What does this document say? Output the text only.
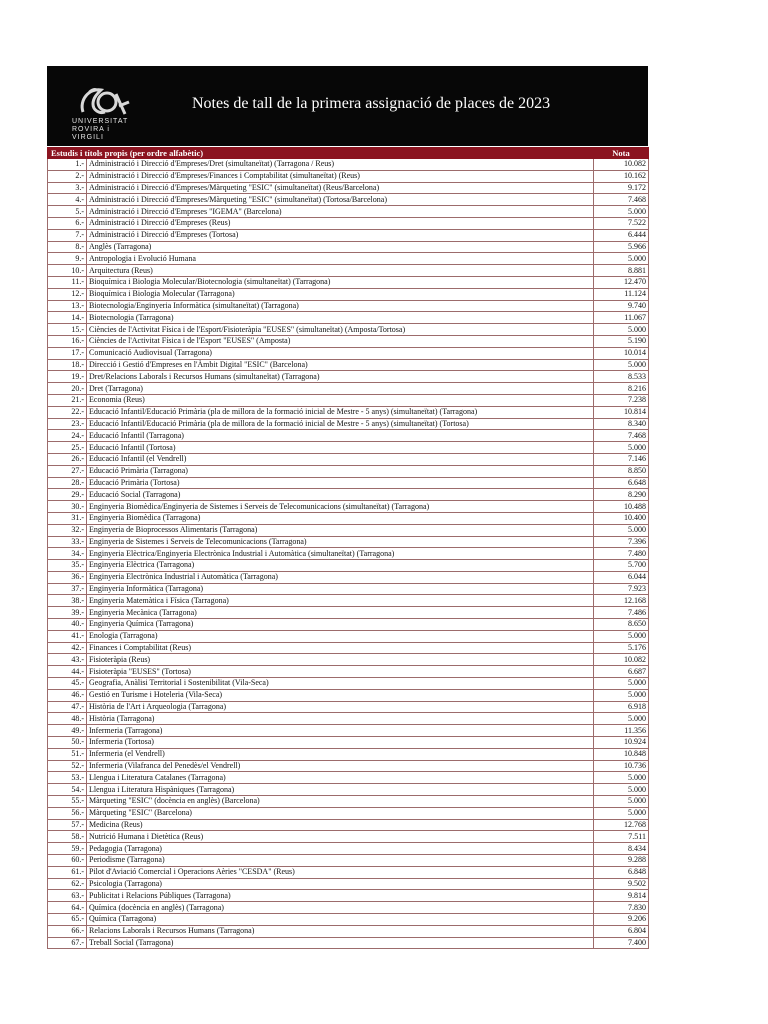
UNIVERSITAT ROVIRA i VIRGILI
Notes de tall de la primera assignació de places de 2023
Estudis i títols propis (per ordre alfabètic)		Nota
1.-	Administració i Direcció d'Empreses/Dret (simultaneïtat) (Tarragona / Reus)	10.082
2.-	Administració i Direcció d'Empreses/Finances i Comptabilitat (simultaneïtat) (Reus)	10.162
3.-	Administració i Direcció d'Empreses/Màrqueting "ESIC" (simultaneïtat) (Reus/Barcelona)	9.172
4.-	Administració i Direcció d'Empreses/Màrqueting "ESIC" (simultaneïtat) (Tortosa/Barcelona)	7.468
5.-	Administració i Direcció d'Empreses "IGEMA" (Barcelona)	5.000
6.-	Administració i Direcció d'Empreses (Reus)	7.522
7.-	Administració i Direcció d'Empreses (Tortosa)	6.444
8.-	Anglès (Tarragona)	5.966
9.-	Antropologia i Evolució Humana	5.000
10.-	Arquitectura (Reus)	8.881
11.-	Bioquímica i Biologia Molecular/Biotecnologia (simultaneïtat) (Tarragona)	12.470
12.-	Bioquímica i Biologia Molecular (Tarragona)	11.124
13.-	Biotecnologia/Enginyeria Informàtica (simultaneïtat) (Tarragona)	9.740
14.-	Biotecnologia (Tarragona)	11.067
15.-	Ciències de l'Activitat Física i de l'Esport/Fisioteràpia "EUSES" (simultaneïtat) (Amposta/Tortosa)	5.000
16.-	Ciències de l'Activitat Física i de l'Esport "EUSES" (Amposta)	5.190
17.-	Comunicació Audiovisual (Tarragona)	10.014
18.-	Direcció i Gestió d'Empreses en l'Àmbit Digital "ESIC" (Barcelona)	5.000
19.-	Dret/Relacions Laborals i Recursos Humans (simultaneïtat) (Tarragona)	8.533
20.-	Dret (Tarragona)	8.216
21.-	Economia (Reus)	7.238
22.-	Educació Infantil/Educació Primària (pla de millora de la formació inicial de Mestre - 5 anys) (simultaneïtat) (Tarragona)	10.814
23.-	Educació Infantil/Educació Primària (pla de millora de la formació inicial de Mestre - 5 anys) (simultaneïtat) (Tortosa)	8.340
24.-	Educació Infantil (Tarragona)	7.468
25.-	Educació Infantil (Tortosa)	5.000
26.-	Educació Infantil (el Vendrell)	7.146
27.-	Educació Primària (Tarragona)	8.850
28.-	Educació Primària (Tortosa)	6.648
29.-	Educació Social (Tarragona)	8.290
30.-	Enginyeria Biomèdica/Enginyeria de Sistemes i Serveis de Telecomunicacions (simultaneïtat) (Tarragona)	10.488
31.-	Enginyeria Biomèdica (Tarragona)	10.400
32.-	Enginyeria de Bioprocessos Alimentaris (Tarragona)	5.000
33.-	Enginyeria de Sistemes i Serveis de Telecomunicacions (Tarragona)	7.396
34.-	Enginyeria Elèctrica/Enginyeria Electrònica Industrial i Automàtica (simultaneïtat) (Tarragona)	7.480
35.-	Enginyeria Elèctrica (Tarragona)	5.700
36.-	Enginyeria Electrònica Industrial i Automàtica (Tarragona)	6.044
37.-	Enginyeria Informàtica (Tarragona)	7.923
38.-	Enginyeria Matemàtica i Física (Tarragona)	12.168
39.-	Enginyeria Mecànica (Tarragona)	7.486
40.-	Enginyeria Química (Tarragona)	8.650
41.-	Enologia (Tarragona)	5.000
42.-	Finances i Comptabilitat (Reus)	5.176
43.-	Fisioteràpia (Reus)	10.082
44.-	Fisioteràpia "EUSES" (Tortosa)	6.687
45.-	Geografia, Anàlisi Territorial i Sostenibilitat (Vila-Seca)	5.000
46.-	Gestió en Turisme i Hoteleria (Vila-Seca)	5.000
47.-	Història de l'Art i Arqueologia (Tarragona)	6.918
48.-	Història (Tarragona)	5.000
49.-	Infermeria (Tarragona)	11.356
50.-	Infermeria (Tortosa)	10.924
51.-	Infermeria (el Vendrell)	10.848
52.-	Infermeria (Vilafranca del Penedès/el Vendrell)	10.736
53.-	Llengua i Literatura Catalanes (Tarragona)	5.000
54.-	Llengua i Literatura Hispàniques (Tarragona)	5.000
55.-	Màrqueting "ESIC" (docència en anglès) (Barcelona)	5.000
56.-	Màrqueting "ESIC" (Barcelona)	5.000
57.-	Medicina (Reus)	12.768
58.-	Nutrició Humana i Dietètica (Reus)	7.511
59.-	Pedagogia (Tarragona)	8.434
60.-	Periodisme (Tarragona)	9.288
61.-	Pilot d'Aviació Comercial i Operacions Aèries "CESDA" (Reus)	6.848
62.-	Psicologia (Tarragona)	9.502
63.-	Publicitat i Relacions Públiques (Tarragona)	9.814
64.-	Química (docència en anglès) (Tarragona)	7.830
65.-	Química (Tarragona)	9.206
66.-	Relacions Laborals i Recursos Humans (Tarragona)	6.804
67.-	Treball Social (Tarragona)	7.400
